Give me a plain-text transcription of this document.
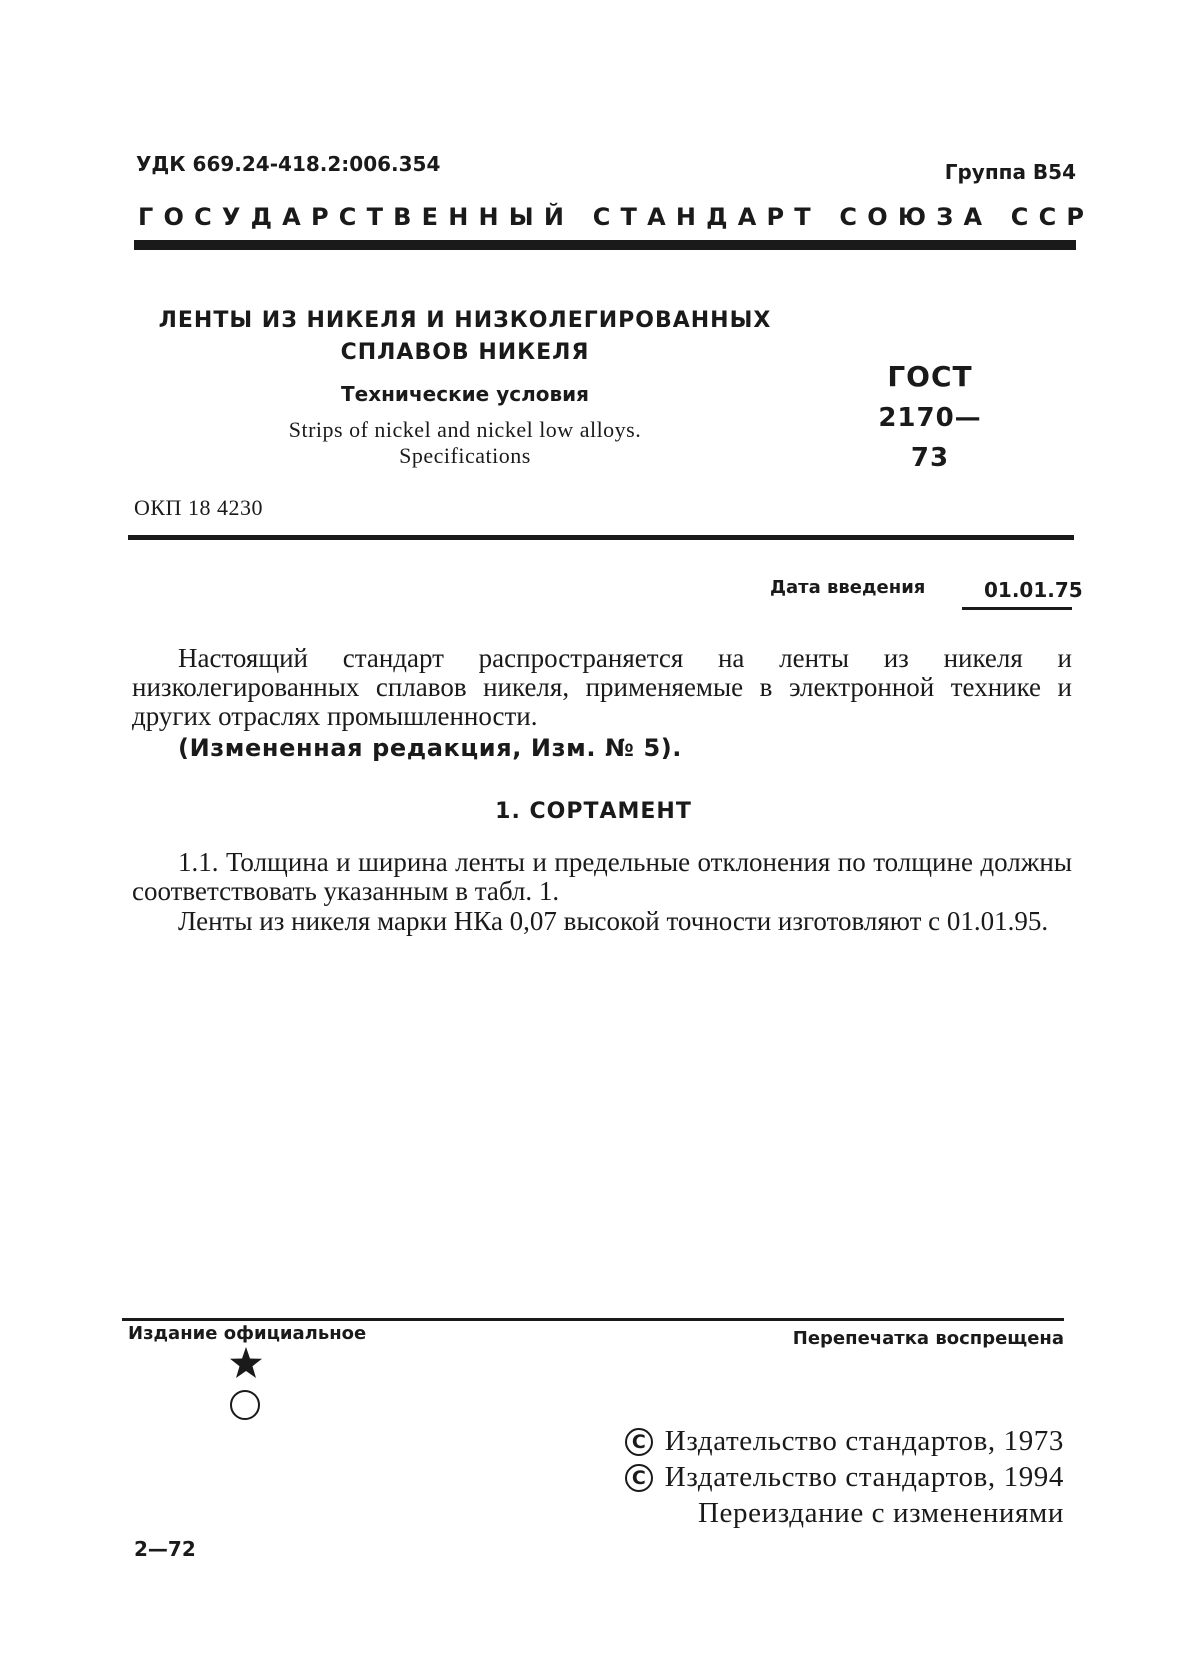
УДК 669.24-418.2:006.354	Группа В54
ГОСУДАРСТВЕННЫЙ СТАНДАРТ СОЮЗА ССР
ЛЕНТЫ ИЗ НИКЕЛЯ И НИЗКОЛЕГИРОВАННЫХ
СПЛАВОВ НИКЕЛЯ
Технические условия
Strips of nickel and nickel low alloys.
Specifications
ГОСТ
2170—73
ОКП 18 4230
Дата введения	01.01.75
Настоящий стандарт распространяется на ленты из никеля и низколегированных сплавов никеля, применяемые в электронной технике и других отраслях промышленности.
(Измененная редакция, Изм. № 5).
1. СОРТАМЕНТ
1.1. Толщина и ширина ленты и предельные отклонения по толщине должны соответствовать указанным в табл. 1.
Ленты из никеля марки НКа 0,07 высокой точности изготовляют с 01.01.95.
Издание официальное	Перепечатка воспрещена
С Издательство стандартов, 1973
С Издательство стандартов, 1994
Переиздание с изменениями
2—72
